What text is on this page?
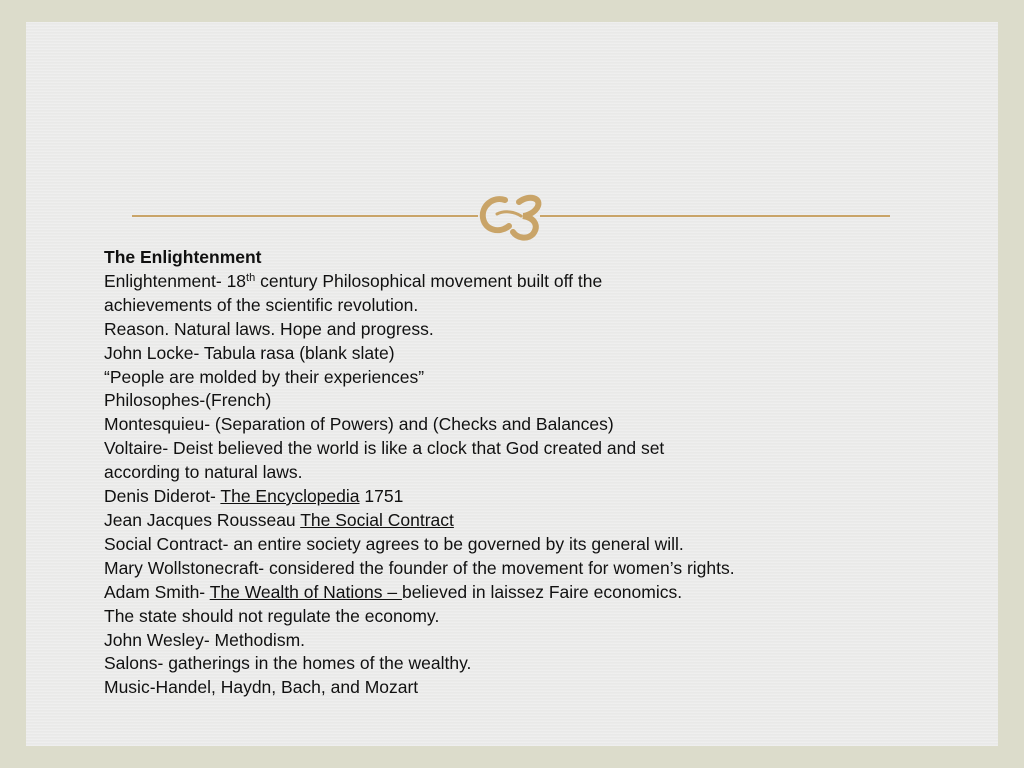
The Enlightenment
Enlightenment- 18th century Philosophical movement built off the
achievements of the scientific revolution.
Reason. Natural laws. Hope and progress.
John Locke- Tabula rasa (blank slate)
“People are molded by their experiences”
Philosophes-(French)
Montesquieu- (Separation of Powers) and (Checks and Balances)
Voltaire- Deist believed the world is like a clock that God created and set
according to natural laws.
Denis Diderot- The Encyclopedia 1751
Jean Jacques Rousseau The Social Contract
Social Contract- an entire society agrees to be governed by its general will.
Mary Wollstonecraft- considered the founder of the movement for women’s rights.
Adam Smith- The Wealth of Nations – believed in laissez Faire economics.
The state should not regulate the economy.
John Wesley- Methodism.
Salons- gatherings in the homes of the wealthy.
Music-Handel, Haydn, Bach, and Mozart
